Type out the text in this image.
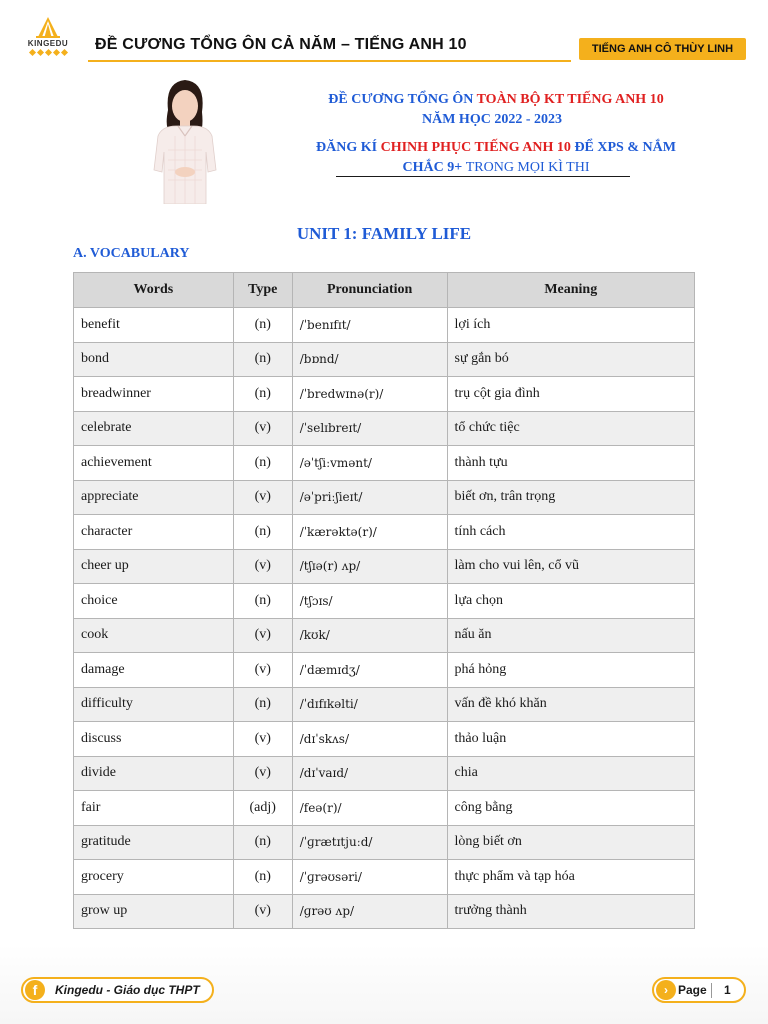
KINGEDU	ĐỀ CƯƠNG TỔNG ÔN CẢ NĂM – TIẾNG ANH 10	TIẾNG ANH CÔ THÙY LINH
ĐỀ CƯƠNG TỔNG ÔN TOÀN BỘ KT TIẾNG ANH 10
NĂM HỌC 2022 - 2023
ĐĂNG KÍ CHINH PHỤC TIẾNG ANH 10 ĐỂ XPS & NẮM
CHẮC 9+ TRONG MỌI KÌ THI
UNIT 1: FAMILY LIFE
A. VOCABULARY
Words	Type	Pronunciation	Meaning
benefit	(n)	/ˈbenɪfɪt/	lợi ích
bond	(n)	/bɒnd/	sự gắn bó
breadwinner	(n)	/ˈbredwɪnə(r)/	trụ cột gia đình
celebrate	(v)	/ˈselɪbreɪt/	tổ chức tiệc
achievement	(n)	/əˈtʃiːvmənt/	thành tựu
appreciate	(v)	/əˈpriːʃieɪt/	biết ơn, trân trọng
character	(n)	/ˈkærəktə(r)/	tính cách
cheer up	(v)	/tʃɪə(r) ʌp/	làm cho vui lên, cổ vũ
choice	(n)	/tʃɔɪs/	lựa chọn
cook	(v)	/kʊk/	nấu ăn
damage	(v)	/ˈdæmɪdʒ/	phá hỏng
difficulty	(n)	/ˈdɪfɪkəlti/	vấn đề khó khăn
discuss	(v)	/dɪˈskʌs/	thảo luận
divide	(v)	/dɪˈvaɪd/	chia
fair	(adj)	/feə(r)/	công bằng
gratitude	(n)	/ˈɡrætɪtjuːd/	lòng biết ơn
grocery	(n)	/ˈɡrəʊsəri/	thực phẩm và tạp hóa
grow up	(v)	/ɡrəʊ ʌp/	trưởng thành
f	Kingedu - Giáo dục THPT	› Page 1
